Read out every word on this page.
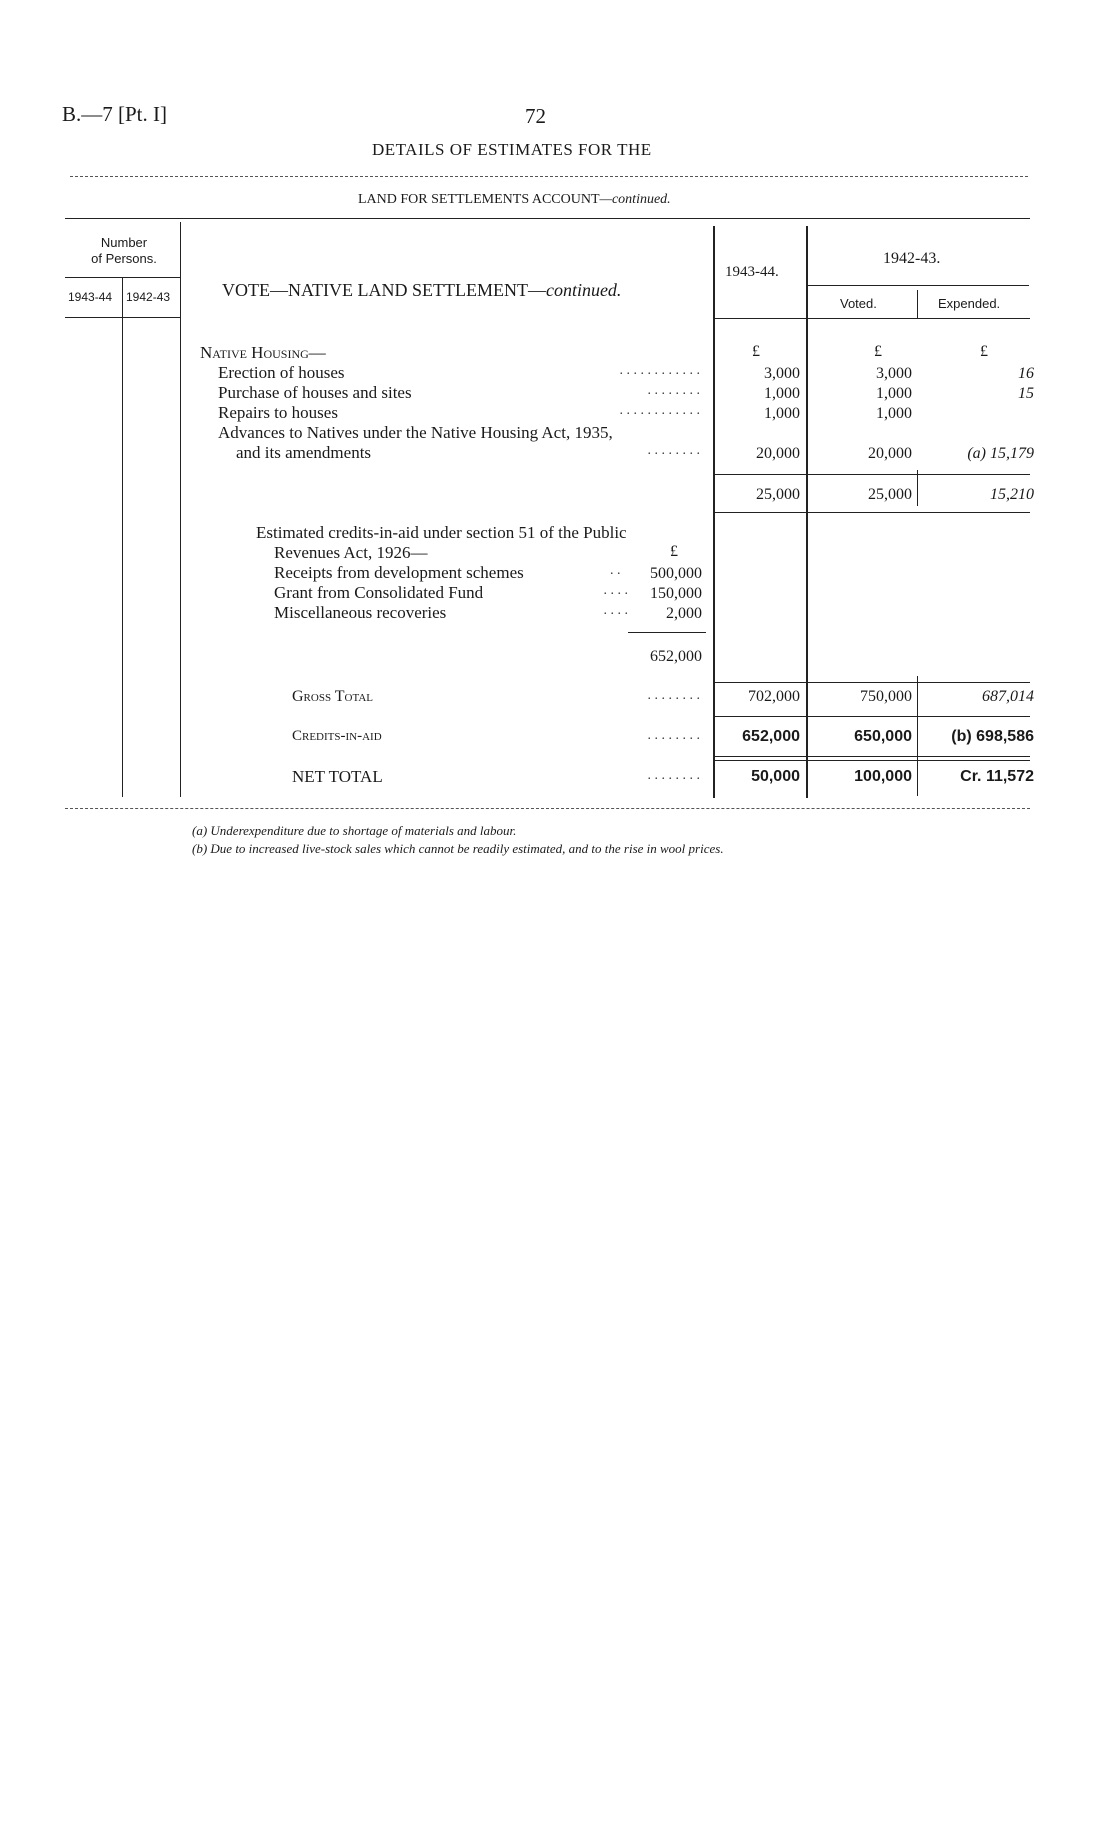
B.—7 [Pt. I]	72
DETAILS OF ESTIMATES FOR THE
LAND FOR SETTLEMENTS ACCOUNT—continued.
Number
of Persons.
1943-44 1942-43	VOTE—NATIVE LAND SETTLEMENT—continued.
1943-44.
1942-43.
Voted.	Expended.
Native Housing—	£	£	£
Erection of houses	. . . . . . . . . . . .	3,000	3,000	16
Purchase of houses and sites	. . . . . . . .	1,000	1,000	15
Repairs to houses	. . . . . . . . . . . .	1,000	1,000
Advances to Natives under the Native Housing Act, 1935,
and its amendments	. . . . . . . .	20,000	20,000	(a) 15,179
25,000	25,000	15,210
Estimated credits-in-aid under section 51 of the Public
Revenues Act, 1926—	£
Receipts from development schemes	. .	500,000
Grant from Consolidated Fund	. . . .	150,000
Miscellaneous recoveries	. . . .	2,000
652,000
Gross Total	. . . . . . . .	702,000	750,000	687,014
Credits-in-aid	. . . . . . . .	652,000	650,000	(b) 698,586
NET TOTAL	. . . . . . . .	50,000	100,000	Cr. 11,572
(a) Underexpenditure due to shortage of materials and labour.
(b) Due to increased live-stock sales which cannot be readily estimated, and to the rise in wool prices.
